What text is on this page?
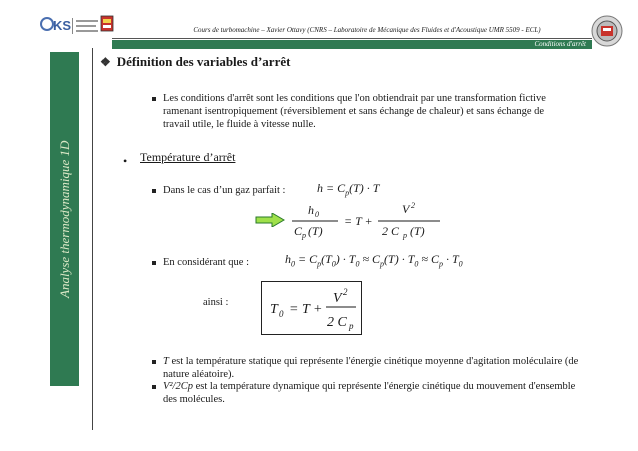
KS	Cours de turbomachine – Xavier Ottavy (CNRS – Laboratoire de Mécanique des Fluides et d'Acoustique UMR 5509 - ECL)
Conditions d'arrêt
Analyse thermodynamique 1D
❖ Définition des variables d’arrêt
Les conditions d'arrêt sont les conditions que l'on obtiendrait par une transformation fictive ramenant isentropiquement (réversiblement et sans échange de chaleur) et sans échange de travail utile, le fluide à vitesse nulle.
• Température d’arrêt
Dans le cas d’un gaz parfait :	$h = C_p(T) \cdot T$
h 0
C p (T)
= T +
V 2
2 C p (T)
En considérant que :	$h_0 = C_p(T_0) \cdot T_0 \approx C_p(T) \cdot T_0 \approx C_p \cdot T_0$
ainsi :	T 0 = T +
V 2
2 C p
T est la température statique qui représente l'énergie cinétique moyenne d'agitation moléculaire (de nature aléatoire).
V²/2Cp est la température dynamique qui représente l'énergie cinétique du mouvement d'ensemble des molécules.
